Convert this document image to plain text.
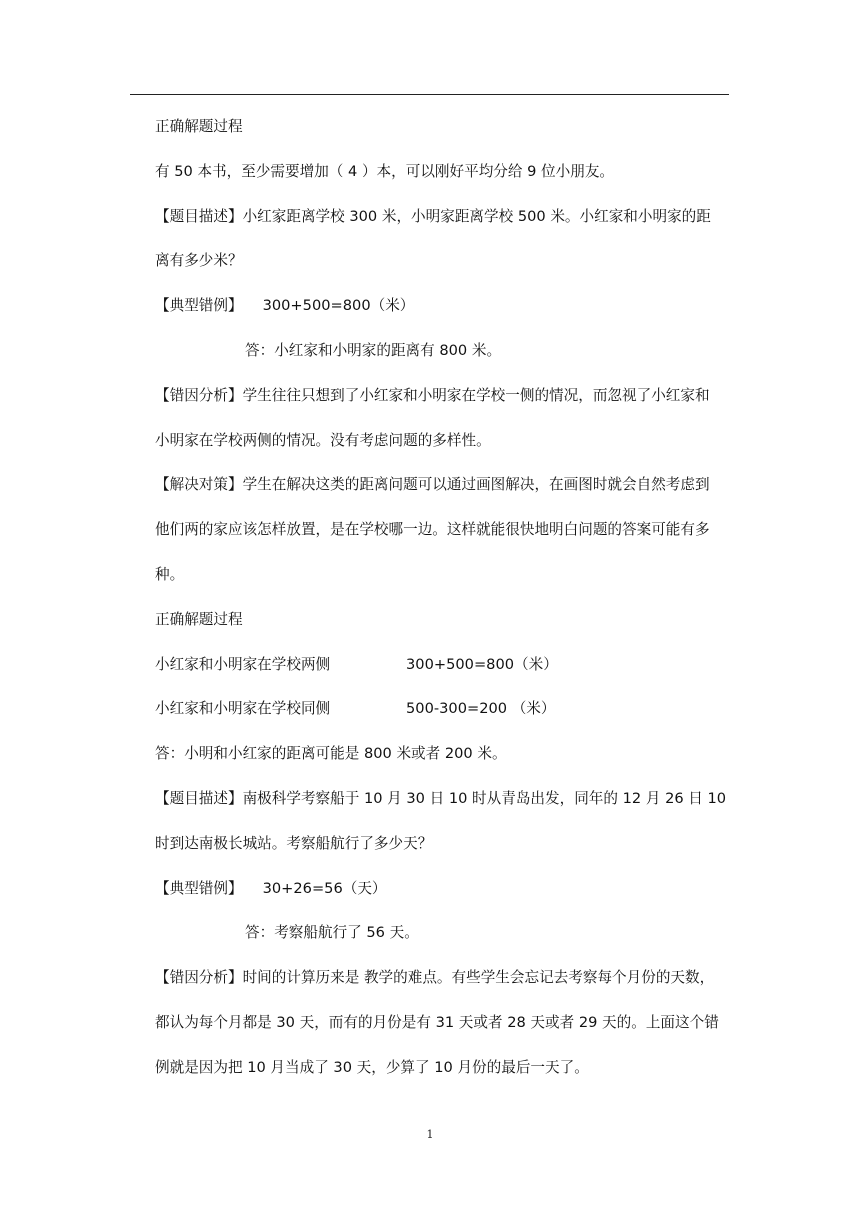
正确解题过程
有 50 本书，至少需要增加（ 4 ）本，可以刚好平均分给 9 位小朋友。
【题目描述】小红家距离学校 300 米，小明家距离学校 500 米。小红家和小明家的距
离有多少米？
【典型错例】 300+500=800（米）
答：小红家和小明家的距离有 800 米。
【错因分析】学生往往只想到了小红家和小明家在学校一侧的情况，而忽视了小红家和
小明家在学校两侧的情况。没有考虑问题的多样性。
【解决对策】学生在解决这类的距离问题可以通过画图解决，在画图时就会自然考虑到
他们两的家应该怎样放置，是在学校哪一边。这样就能很快地明白问题的答案可能有多
种。
正确解题过程
小红家和小明家在学校两侧	300+500=800（米）
小红家和小明家在学校同侧	500-300=200 （米）
答：小明和小红家的距离可能是 800 米或者 200 米。
【题目描述】南极科学考察船于 10 月 30 日 10 时从青岛出发，同年的 12 月 26 日 10
时到达南极长城站。考察船航行了多少天？
【典型错例】 30+26=56（天）
答：考察船航行了 56 天。
【错因分析】时间的计算历来是 教学的难点。有些学生会忘记去考察每个月份的天数，
都认为每个月都是 30 天，而有的月份是有 31 天或者 28 天或者 29 天的。上面这个错
例就是因为把 10 月当成了 30 天，少算了 10 月份的最后一天了。
1
